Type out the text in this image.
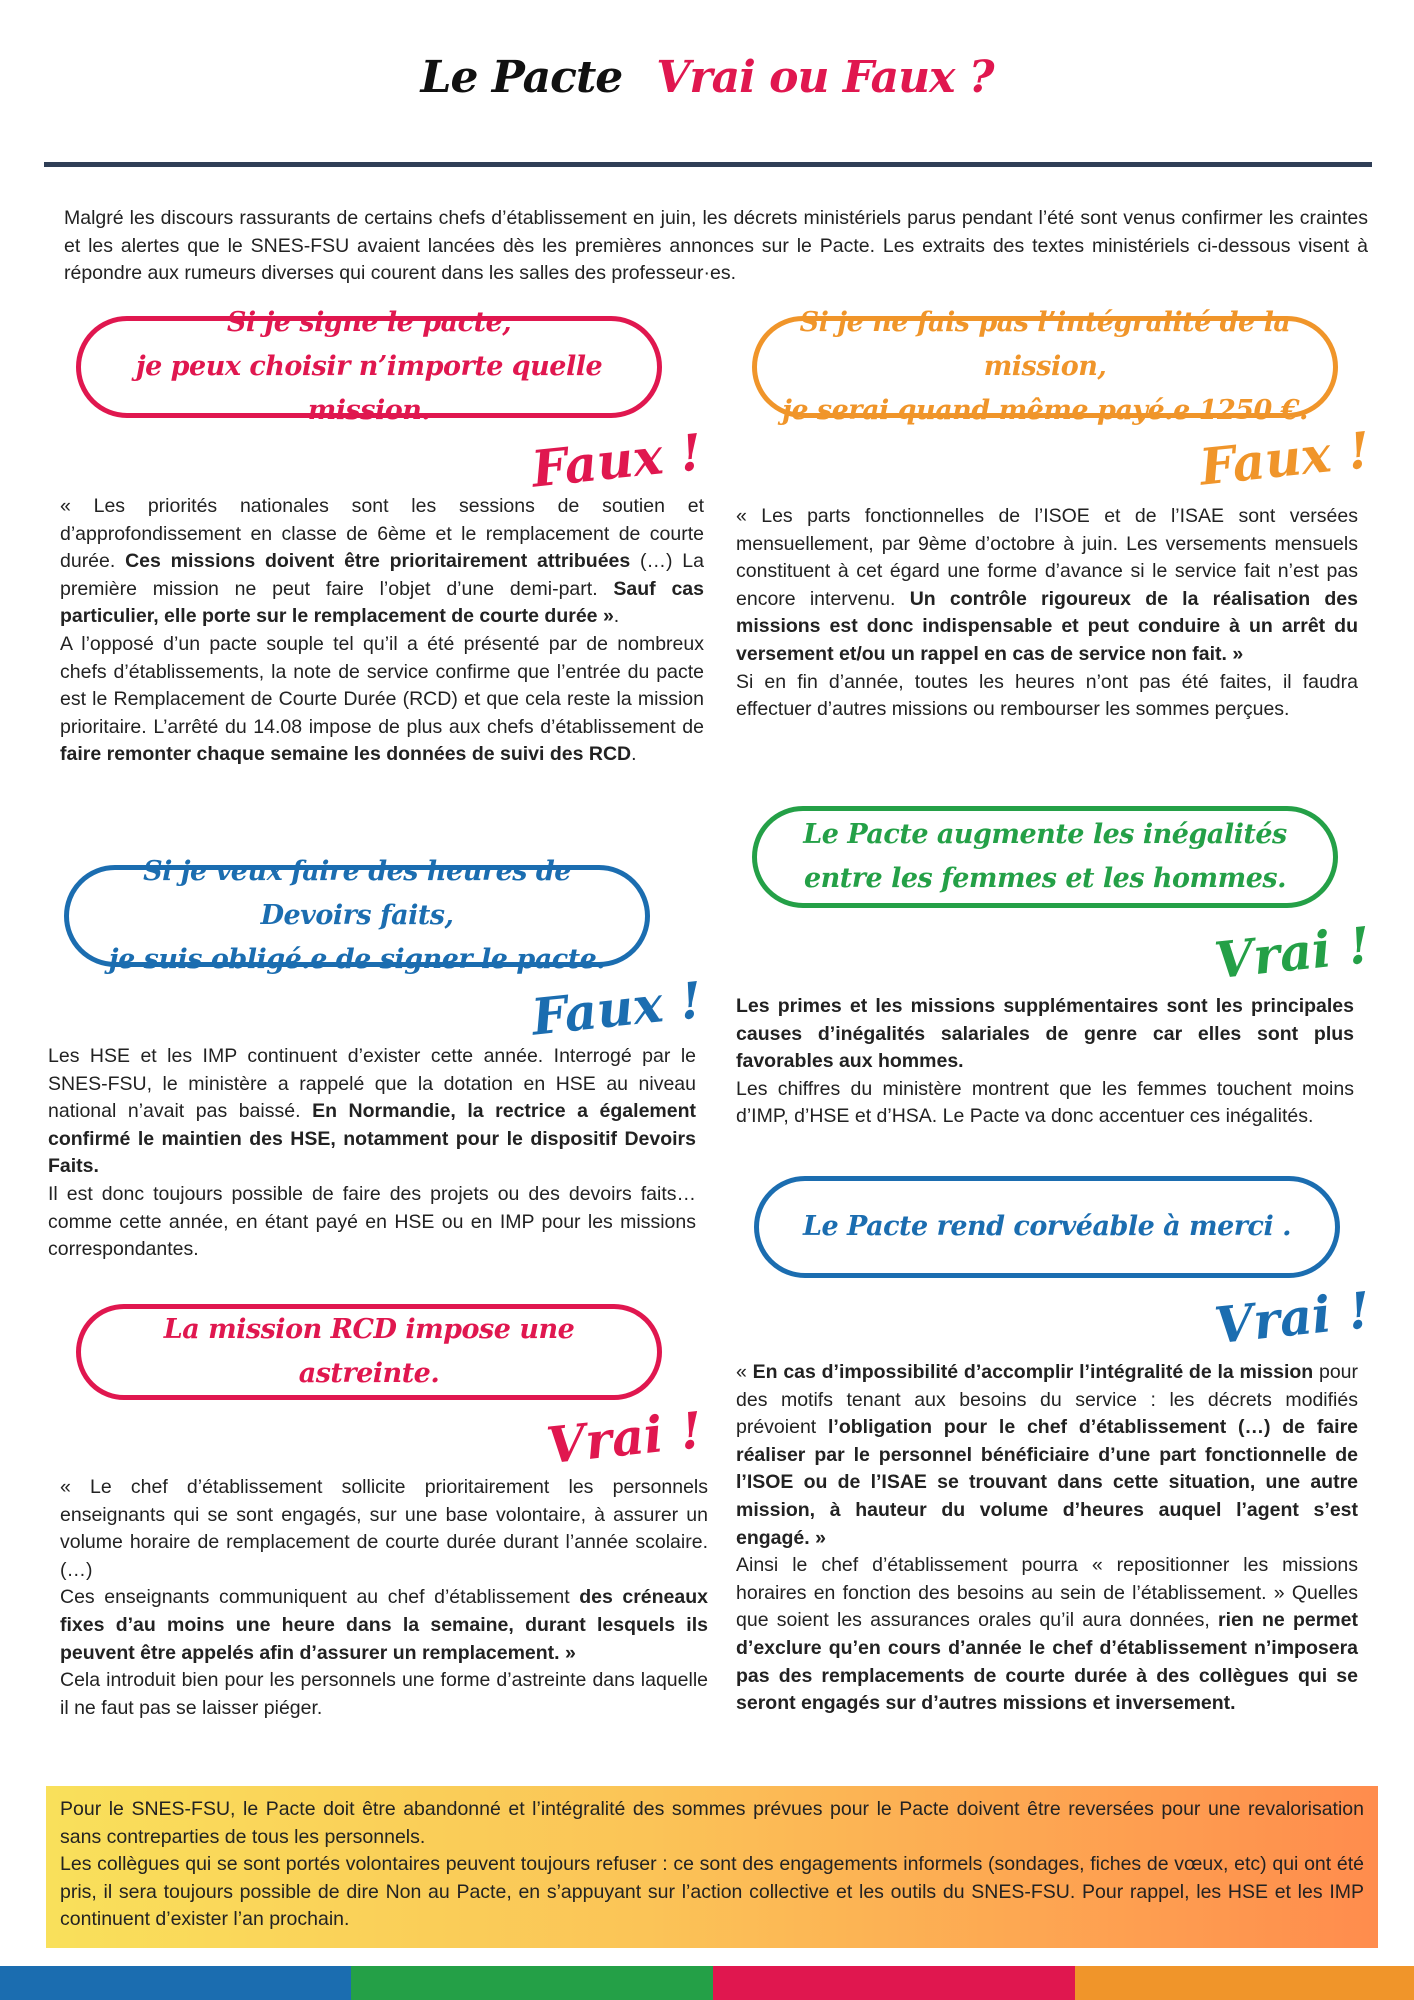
Le Pacte Vrai ou Faux ?
Malgré les discours rassurants de certains chefs d’établissement en juin, les décrets ministériels parus pendant l’été sont venus confirmer les craintes et les alertes que le SNES-FSU avaient lancées dès les premières annonces sur le Pacte. Les extraits des textes ministériels ci-dessous visent à répondre aux rumeurs diverses qui courent dans les salles des professeur·es.
Si je signe le pacte,
je peux choisir n’importe quelle mission.
Faux !

« Les priorités nationales sont les sessions de soutien et d’approfondissement en classe de 6ème et le remplacement de courte durée. Ces missions doivent être prioritairement attribuées (…) La première mission ne peut faire l’objet d’une demi-part. Sauf cas particulier, elle porte sur le remplacement de courte durée ».

A l’opposé d’un pacte souple tel qu’il a été présenté par de nombreux chefs d’établissements, la note de service confirme que l’entrée du pacte est le Remplacement de Courte Durée (RCD) et que cela reste la mission prioritaire. L’arrêté du 14.08 impose de plus aux chefs d’établissement de faire remonter chaque semaine les données de suivi des RCD.

Si je veux faire des heures de Devoirs faits,
je suis obligé.e de signer le pacte.
Faux !

Les HSE et les IMP continuent d’exister cette année. Interrogé par le SNES-FSU, le ministère a rappelé que la dotation en HSE au niveau national n’avait pas baissé. En Normandie, la rectrice a également confirmé le maintien des HSE, notamment pour le dispositif Devoirs Faits.

Il est donc toujours possible de faire des projets ou des devoirs faits… comme cette année, en étant payé en HSE ou en IMP pour les missions correspondantes.

La mission RCD impose une astreinte.
Vrai !

« Le chef d’établissement sollicite prioritairement les personnels enseignants qui se sont engagés, sur une base volontaire, à assurer un volume horaire de remplacement de courte durée durant l’année scolaire. (…)

Ces enseignants communiquent au chef d’établissement des créneaux fixes d’au moins une heure dans la semaine, durant lesquels ils peuvent être appelés afin d’assurer un remplacement. »

Cela introduit bien pour les personnels une forme d’astreinte dans laquelle il ne faut pas se laisser piéger.

Si je ne fais pas l’intégralité de la mission,
je serai quand même payé.e 1250 €.
Faux !

« Les parts fonctionnelles de l’ISOE et de l’ISAE sont versées mensuellement, par 9ème d’octobre à juin. Les versements mensuels constituent à cet égard une forme d’avance si le service fait n’est pas encore intervenu. Un contrôle rigoureux de la réalisation des missions est donc indispensable et peut conduire à un arrêt du versement et/ou un rappel en cas de service non fait. »

Si en fin d’année, toutes les heures n’ont pas été faites, il faudra effectuer d’autres missions ou rembourser les sommes perçues.

Le Pacte augmente les inégalités
entre les femmes et les hommes.
Vrai !

Les primes et les missions supplémentaires sont les principales causes d’inégalités salariales de genre car elles sont plus favorables aux hommes.

Les chiffres du ministère montrent que les femmes touchent moins d’IMP, d’HSE et d’HSA. Le Pacte va donc accentuer ces inégalités.

Le Pacte rend corvéable à merci .
Vrai !

« En cas d’impossibilité d’accomplir l’intégralité de la mission pour des motifs tenant aux besoins du service : les décrets modifiés prévoient l’obligation pour le chef d’établissement (…) de faire réaliser par le personnel bénéficiaire d’une part fonctionnelle de l’ISOE ou de l’ISAE se trouvant dans cette situation, une autre mission, à hauteur du volume d’heures auquel l’agent s’est engagé. »

Ainsi le chef d’établissement pourra « repositionner les missions horaires en fonction des besoins au sein de l’établissement. » Quelles que soient les assurances orales qu’il aura données, rien ne permet d’exclure qu’en cours d’année le chef d’établissement n’imposera pas des remplacements de courte durée à des collègues qui se seront engagés sur d’autres missions et inversement.

Pour le SNES-FSU, le Pacte doit être abandonné et l’intégralité des sommes prévues pour le Pacte doivent être reversées pour une revalorisation sans contreparties de tous les personnels.

Les collègues qui se sont portés volontaires peuvent toujours refuser : ce sont des engagements informels (sondages, fiches de vœux, etc) qui ont été pris, il sera toujours possible de dire Non au Pacte, en s’appuyant sur l’action collective et les outils du SNES-FSU. Pour rappel, les HSE et les IMP continuent d’exister l’an prochain.
